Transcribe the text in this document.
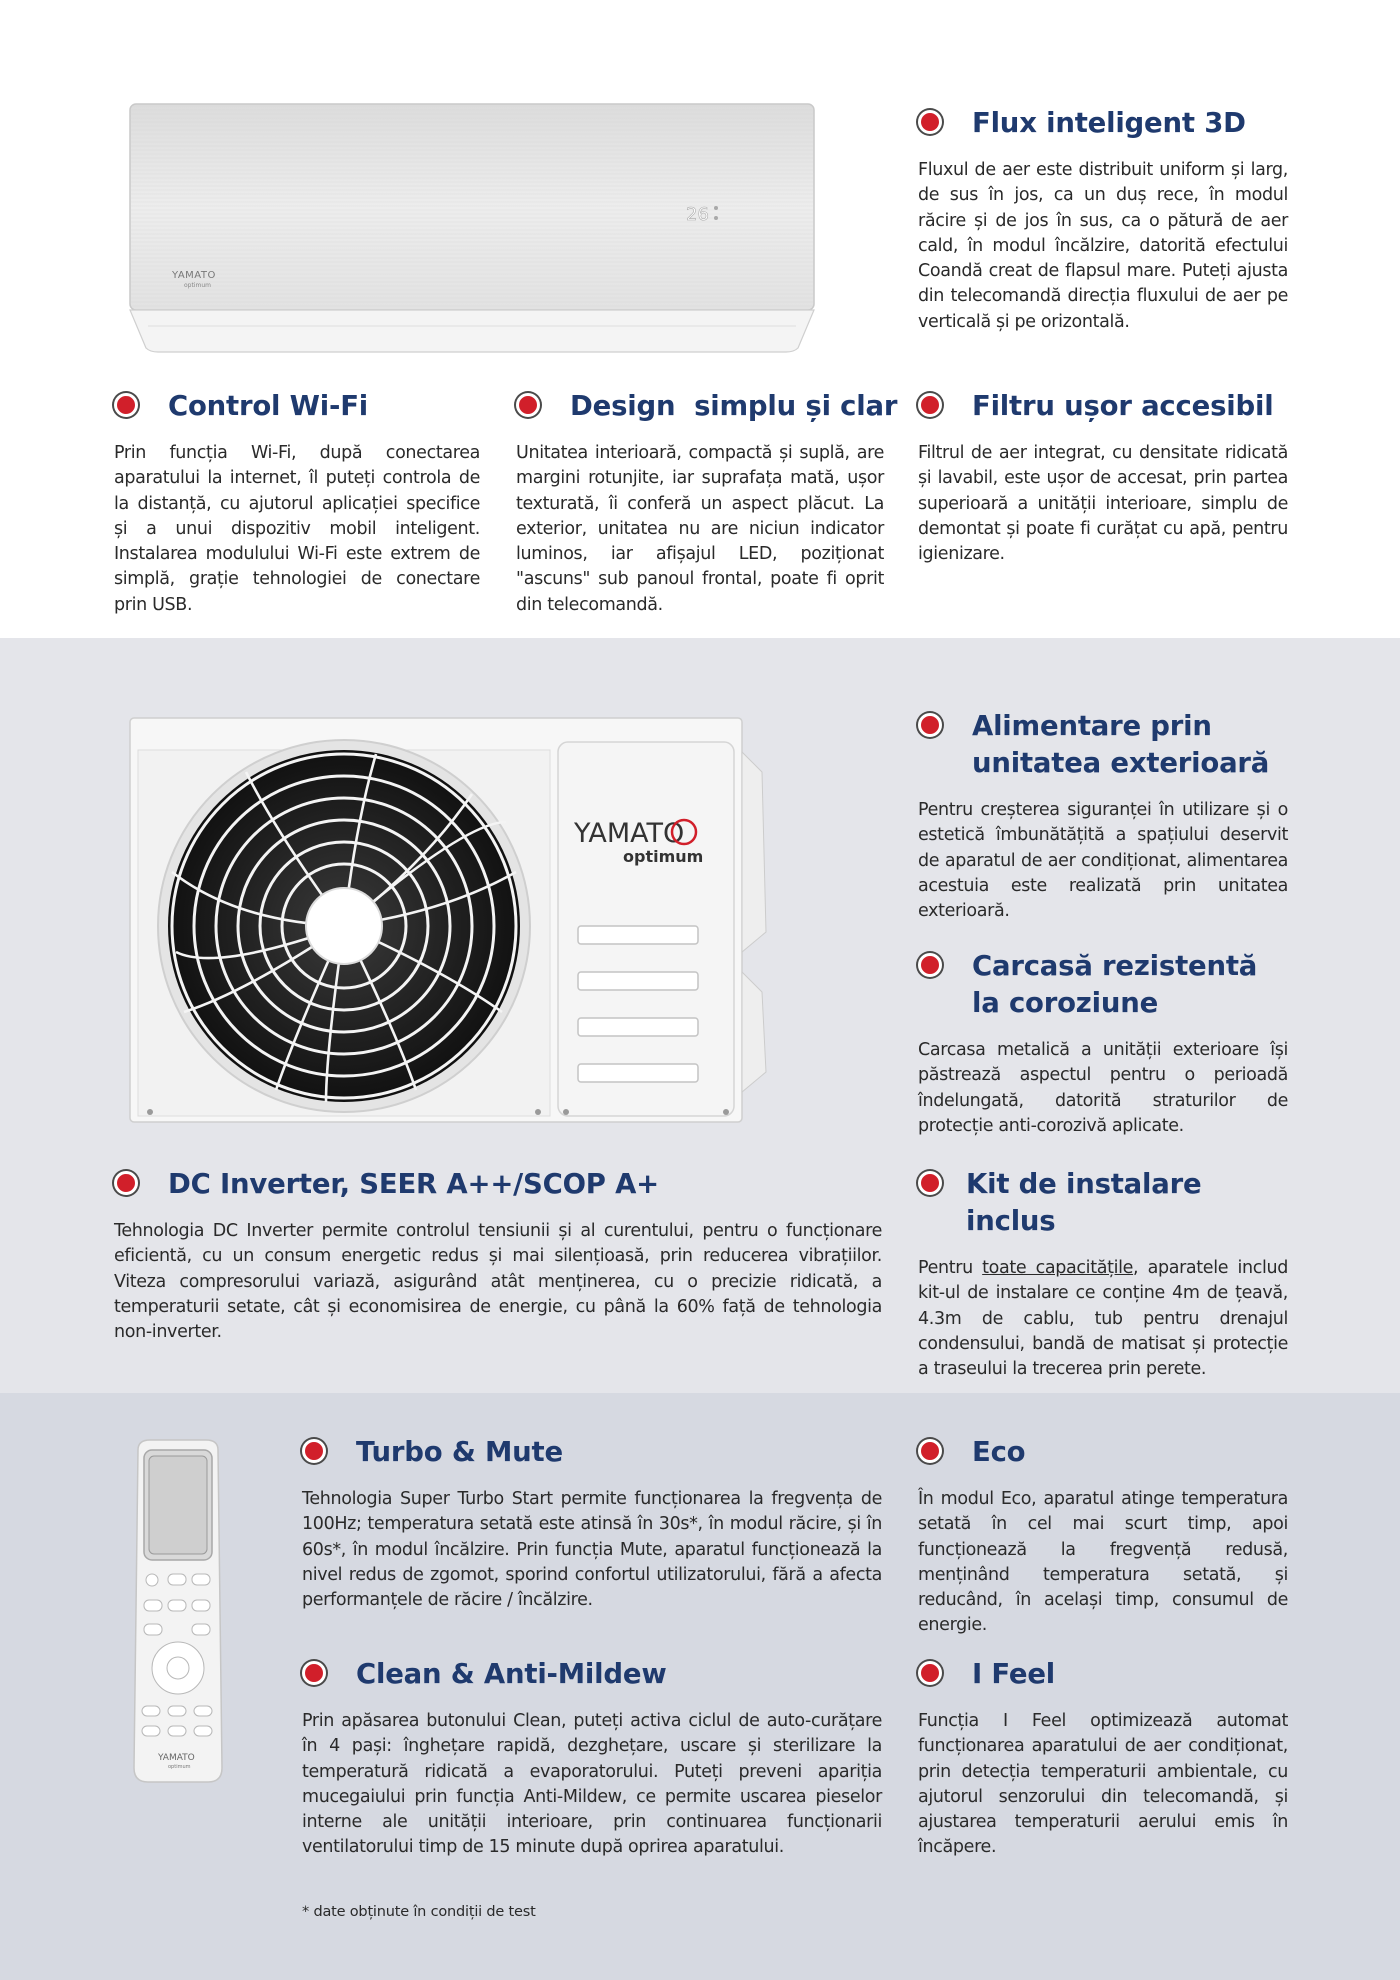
26
YAMATO
optimum
Flux inteligent 3D

Fluxul de aer este distribuit uniform și larg, de sus în jos, ca un duș rece, în modul răcire și de jos în sus, ca o pătură de aer cald, în modul încălzire, datorită efectului Coandă creat de flapsul mare. Puteți ajusta din telecomandă direcția fluxului de aer pe verticală și pe orizontală.

Control Wi-Fi

Prin funcția Wi-Fi, după conectarea aparatului la internet, îl puteți controla de la distanță, cu ajutorul aplicației specifice și a unui dispozitiv mobil inteligent. Instalarea modulului Wi-Fi este extrem de simplă, grație tehnologiei de conectare prin USB.

Design  simplu și clar

Unitatea interioară, compactă și suplă, are margini rotunjite, iar suprafața mată, ușor texturată, îi conferă un aspect plăcut. La exterior, unitatea nu are niciun indicator luminos, iar afișajul LED, poziționat "ascuns" sub panoul frontal, poate fi oprit din telecomandă.

Filtru ușor accesibil

Filtrul de aer integrat, cu densitate ridicată și lavabil, este ușor de accesat, prin partea superioară a unității interioare, simplu de demontat și poate fi curățat cu apă, pentru igienizare.

YAMATO
optimum
Alimentare prin
unitatea exterioară

Pentru creșterea siguranței în utilizare și o estetică îmbunătățită a spațiului deservit de aparatul de aer condiționat, alimentarea acestuia este realizată prin unitatea exterioară.

Carcasă rezistentă
la coroziune

Carcasa metalică a unității exterioare își păstrează aspectul pentru o perioadă îndelungată, datorită straturilor de protecție anti-corozivă aplicate.

DC Inverter, SEER A++/SCOP A+

Tehnologia DC Inverter permite controlul tensiunii și al curentului, pentru o funcționare eficientă, cu un consum energetic redus și mai silențioasă, prin reducerea vibrațiilor. Viteza compresorului variază, asigurând atât menținerea, cu o precizie ridicată, a temperaturii setate, cât și economisirea de energie, cu până la 60% față de tehnologia non-inverter.

Kit de instalare inclus

Pentru toate capacitățile, aparatele includ kit-ul de instalare ce conține 4m de țeavă, 4.3m de cablu, tub pentru drenajul condensului, bandă de matisat și protecție a traseului la trecerea prin perete.

YAMATO
optimum
Turbo & Mute

Tehnologia Super Turbo Start permite funcționarea la fregvența de 100Hz; temperatura setată este atinsă în 30s*, în modul răcire, și în 60s*, în modul încălzire. Prin funcția Mute, aparatul funcționează la nivel redus de zgomot, sporind confortul utilizatorului, fără a afecta performanțele de răcire / încălzire.

Eco

În modul Eco, aparatul atinge temperatura setată în cel mai scurt timp, apoi funcționează la fregvență redusă, menținând temperatura setată, și reducând, în același timp, consumul de energie.

Clean & Anti-Mildew

Prin apăsarea butonului Clean, puteți activa ciclul de auto-curățare în 4 pași: înghețare rapidă, dezghețare, uscare și sterilizare la temperatură ridicată a evaporatorului. Puteți preveni apariția mucegaiului prin funcția Anti-Mildew, ce permite uscarea pieselor interne ale unității interioare, prin continuarea funcționarii ventilatorului timp de 15 minute după oprirea aparatului.

I Feel

Funcția I Feel optimizează automat funcționarea aparatului de aer condiționat, prin detecția temperaturii ambientale, cu ajutorul senzorului din telecomandă, și ajustarea temperaturii aerului emis în încăpere.

* date obținute în condiții de test
